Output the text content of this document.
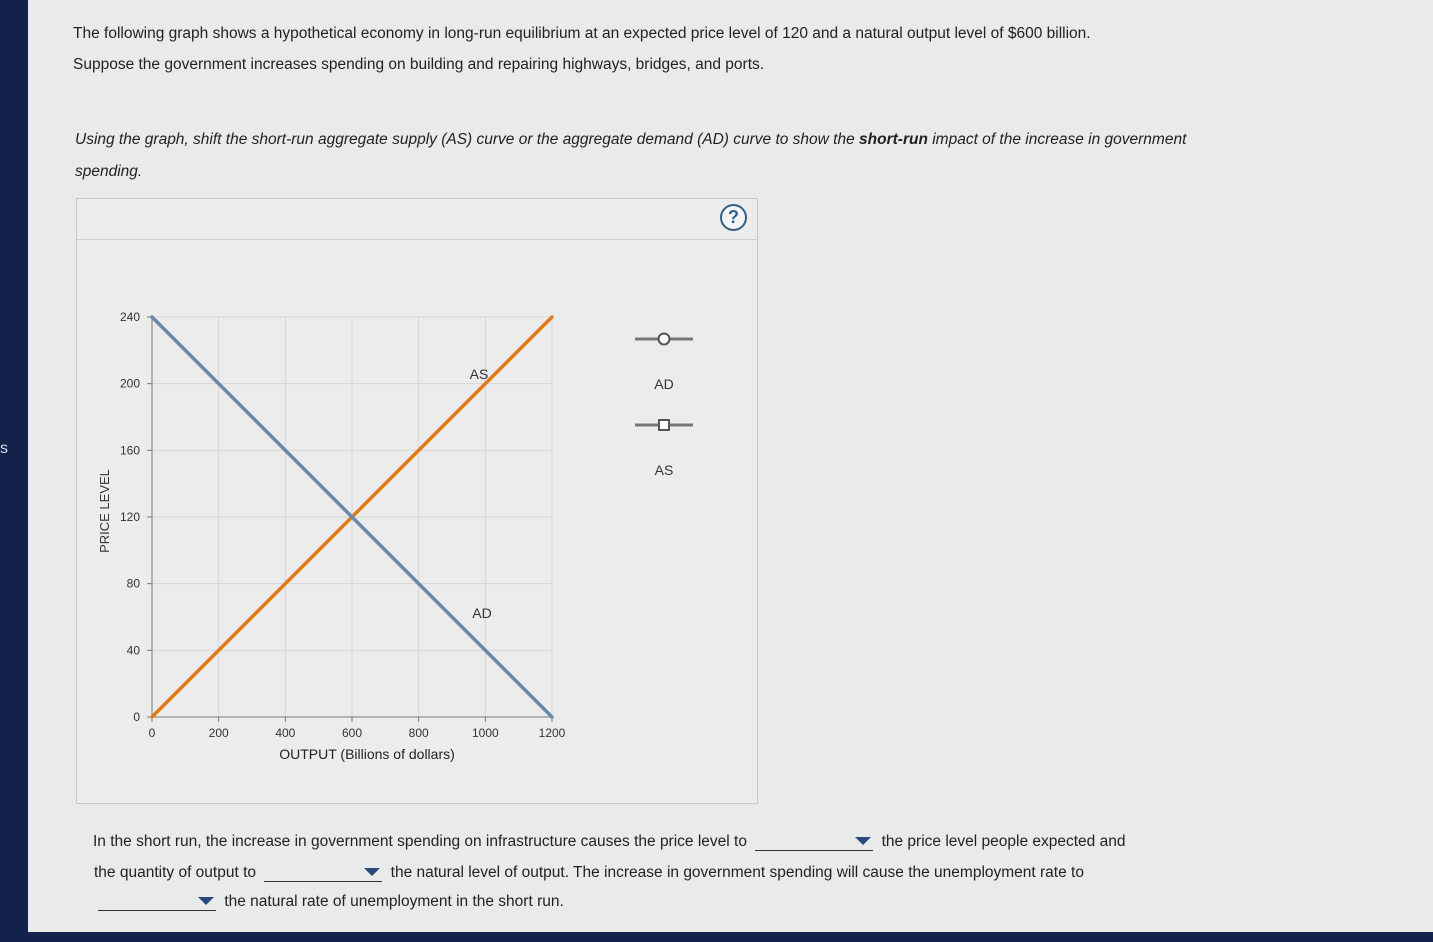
s
The following graph shows a hypothetical economy in long-run equilibrium at an expected price level of 120 and a natural output level of $600 billion.
Suppose the government increases spending on building and repairing highways, bridges, and ports.
Using the graph, shift the short-run aggregate supply (AS) curve or the aggregate demand (AD) curve to show the short-run impact of the increase in government spending.
?
0
40
80
120
160
200
240
0	200	400	600	800	1000	1200
PRICE LEVEL
OUTPUT (Billions of dollars)
AS
AD
AD
AS
In the short run, the increase in government spending on infrastructure causes the price level to	the price level people expected and
the quantity of output to	the natural level of output. The increase in government spending will cause the unemployment rate to
the natural rate of unemployment in the short run.
